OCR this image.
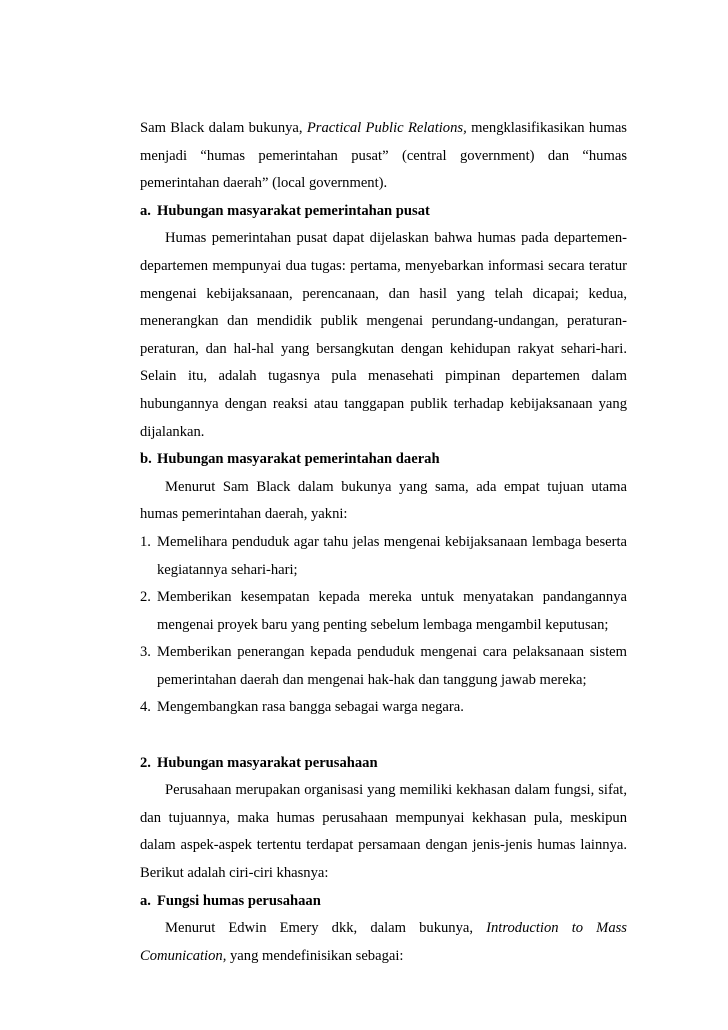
Sam Black dalam bukunya, Practical Public Relations, mengklasifikasikan humas menjadi “humas pemerintahan pusat” (central government) dan “humas pemerintahan daerah” (local government).

a. Hubungan masyarakat pemerintahan pusat

Humas pemerintahan pusat dapat dijelaskan bahwa humas pada departemen-departemen mempunyai dua tugas: pertama, menyebarkan informasi secara teratur mengenai kebijaksanaan, perencanaan, dan hasil yang telah dicapai; kedua, menerangkan dan mendidik publik mengenai perundang-undangan, peraturan-peraturan, dan hal-hal yang bersangkutan dengan kehidupan rakyat sehari-hari. Selain itu, adalah tugasnya pula menasehati pimpinan departemen dalam hubungannya dengan reaksi atau tanggapan publik terhadap kebijaksanaan yang dijalankan.

b. Hubungan masyarakat pemerintahan daerah

Menurut Sam Black dalam bukunya yang sama, ada empat tujuan utama humas pemerintahan daerah, yakni:

1. Memelihara penduduk agar tahu jelas mengenai kebijaksanaan lembaga beserta kegiatannya sehari-hari;
2. Memberikan kesempatan kepada mereka untuk menyatakan pandangannya mengenai proyek baru yang penting sebelum lembaga mengambil keputusan;
3. Memberikan penerangan kepada penduduk mengenai cara pelaksanaan sistem pemerintahan daerah dan mengenai hak-hak dan tanggung jawab mereka;
4. Mengembangkan rasa bangga sebagai warga negara.
2. Hubungan masyarakat perusahaan

Perusahaan merupakan organisasi yang memiliki kekhasan dalam fungsi, sifat, dan tujuannya, maka humas perusahaan mempunyai kekhasan pula, meskipun dalam aspek-aspek tertentu terdapat persamaan dengan jenis-jenis humas lainnya. Berikut adalah ciri-ciri khasnya:

a. Fungsi humas perusahaan

Menurut Edwin Emery dkk, dalam bukunya, Introduction to Mass Comunication, yang mendefinisikan sebagai:
